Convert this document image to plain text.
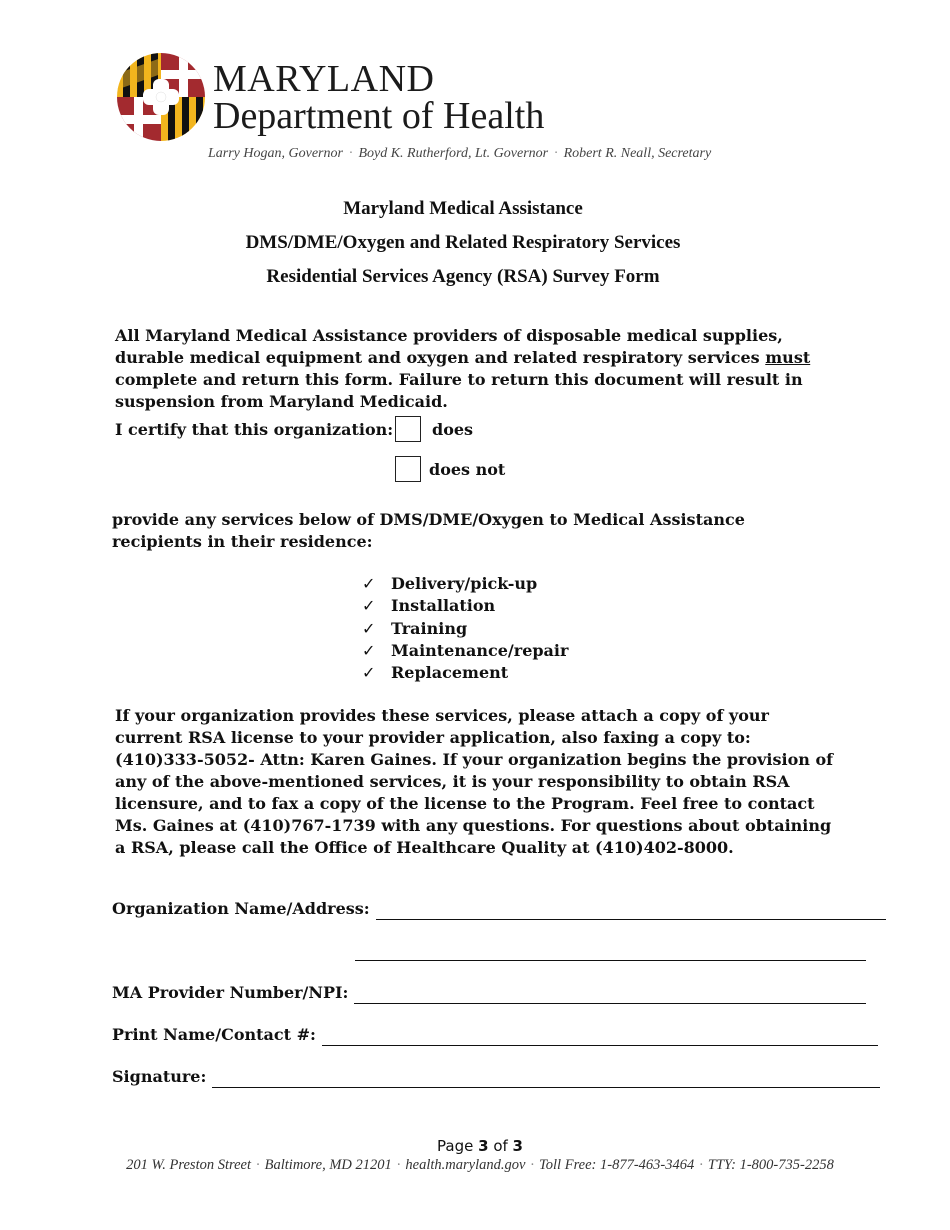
MARYLAND
Department of Health
Larry Hogan, Governor · Boyd K. Rutherford, Lt. Governor · Robert R. Neall, Secretary
Maryland Medical Assistance
DMS/DME/Oxygen and Related Respiratory Services
Residential Services Agency (RSA) Survey Form
All Maryland Medical Assistance providers of disposable medical supplies, durable medical equipment and oxygen and related respiratory services must complete and return this form. Failure to return this document will result in suspension from Maryland Medicaid.
I certify that this organization: does
does not
provide any services below of DMS/DME/Oxygen to Medical Assistance recipients in their residence:
✓ Delivery/pick-up
✓ Installation
✓ Training
✓ Maintenance/repair
✓ Replacement
If your organization provides these services, please attach a copy of your current RSA license to your provider application, also faxing a copy to: (410)333-5052- Attn: Karen Gaines. If your organization begins the provision of any of the above-mentioned services, it is your responsibility to obtain RSA licensure, and to fax a copy of the license to the Program. Feel free to contact Ms. Gaines at (410)767-1739 with any questions. For questions about obtaining a RSA, please call the Office of Healthcare Quality at (410)402-8000.
Organization Name/Address:
MA Provider Number/NPI:
Print Name/Contact #:
Signature:
Page 3 of 3
201 W. Preston Street · Baltimore, MD 21201 · health.maryland.gov · Toll Free: 1-877-463-3464 · TTY: 1-800-735-2258
